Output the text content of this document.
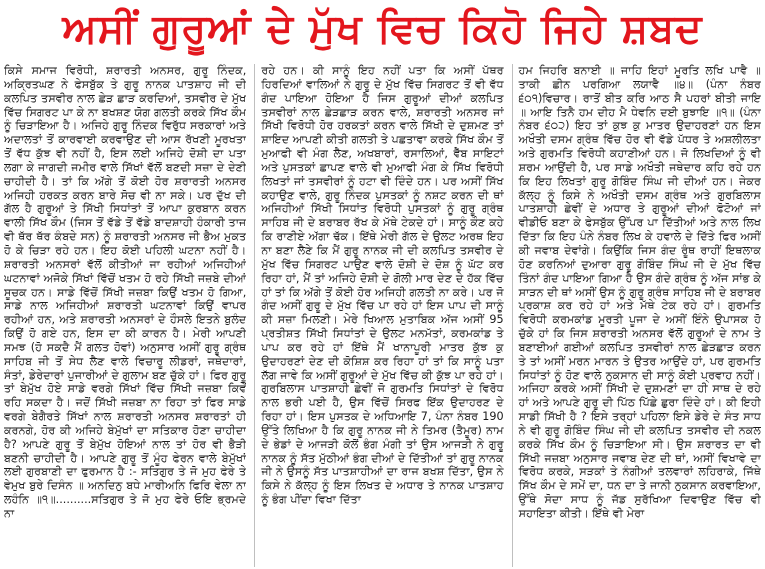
ਅਸੀਂ ਗੁਰੂਆਂ ਦੇ ਮੁੱਖ ਵਿਚ ਕਿਹੋ ਜਿਹੇ ਸ਼ਬਦ

ਕਿਸੇ ਸਮਾਜ ਵਿਰੋਧੀ, ਸ਼ਰਾਰਤੀ ਅਨਸਰ, ਗੁਰੂ ਨਿੰਦਕ, ਅਕ੍ਰਿਤਘਣ ਨੇ ਫੇਸਬੁੱਕ ਤੇ ਗੁਰੂ ਨਾਨਕ ਪਾਤਸ਼ਾਹ ਜੀ ਦੀ ਕਲਪਿਤ ਤਸਵੀਰ ਨਾਲ ਛੇੜ ਛਾੜ ਕਰਦਿਆਂ, ਤਸਵੀਰ ਦੇ ਮੁੱਖ ਵਿੱਚ ਸਿਗਰਟ ਪਾ ਕੇ ਨਾ ਬਖਸ਼ਣ ਯੋਗ ਗਲਤੀ ਕਰਕੇ ਸਿੱਖ ਕੌਮ ਨੂੰ ਚਿੜਾਇਆ ਹੈ। ਅਜਿਹੇ ਗੁਰੂ ਨਿੰਦਕ ਵਿਰੁੱਧ ਸਰਕਾਰਾਂ ਅਤੇ ਅਦਾਲਤਾਂ ਤੋਂ ਕਾਰਵਾਈ ਕਰਵਾਉਣ ਦੀ ਆਸ ਰੱਖਣੀ ਮੂਰਖਤਾ ਤੋਂ ਵੱਧ ਕੁੱਝ ਵੀ ਨਹੀਂ ਹੈ, ਇਸ ਲਈ ਅਜਿਹੇ ਦੋਸ਼ੀ ਦਾ ਪਤਾ ਲਗਾ ਕੇ ਜਾਗਦੀ ਜਮੀਰ ਵਾਲੇ ਸਿੱਖਾਂ ਵੱਲੋਂ ਬਣਦੀ ਸਜ਼ਾ ਦੇ ਦੇਣੀ ਚਾਹੀਦੀ ਹੈ। ਤਾਂ ਕਿ ਅੱਗੇ ਤੋਂ ਕੋਈ ਹੋਰ ਸ਼ਰਾਰਤੀ ਅਨਸਰ ਅਜਿਹੀ ਹਰਕਤ ਕਰਨ ਬਾਰੇ ਸੋਚ ਵੀ ਨਾ ਸਕੇ। ਪਰ ਦੁੱਖ ਦੀ ਗੱਲ ਹੈ ਗੁਰੂਆਂ ਤੇ ਸਿੱਖੀ ਸਿਧਾਂਤਾਂ ਤੋਂ ਆਪਾ ਕੁਰਬਾਨ ਕਰਨ ਵਾਲੀ ਸਿੱਖ ਕੌਮ (ਜਿਸ ਤੋਂ ਵੱਡੇ ਤੋਂ ਵੱਡੇ ਬਾਦਸ਼ਾਹੀ ਹੰਕਾਰੀ ਤਾਜ ਵੀ ਥੱਰ ਥੱਰ ਕੰਬਦੇ ਸਨ) ਨੂੰ ਸ਼ਰਾਰਤੀ ਅਨਸਰ ਜੀ ਭੈਅ ਮੁਕਤ ਹੋ ਕੇ ਚਿੜਾ ਰਹੇ ਹਨ। ਇਹ ਕੋਈ ਪਹਿਲੀ ਘਟਨਾ ਨਹੀਂ ਹੈ। ਸ਼ਰਾਰਤੀ ਅਨਸਰਾਂ ਵੱਲੋਂ ਕੀਤੀਆਂ ਜਾ ਰਹੀਆਂ ਅਜਿਹੀਆਂ ਘਟਨਾਵਾਂ ਅਜੋਕੇ ਸਿੱਖਾਂ ਵਿੱਚੋਂ ਖਤਮ ਹੋ ਰਹੇ ਸਿੱਖੀ ਜਜ਼ਬੇ ਦੀਆਂ ਸੂਚਕ ਹਨ। ਸਾਡੇ ਵਿੱਚੋਂ ਸਿੱਖੀ ਜਜ਼ਬਾ ਕਿਉਂ ਖਤਮ ਹੋ ਗਿਆ, ਸਾਡੇ ਨਾਲ ਅਜਿਹੀਆਂ ਸ਼ਰਾਰਤੀ ਘਟਨਾਵਾਂ ਕਿਉਂ ਵਾਪਰ ਰਹੀਆਂ ਹਨ, ਅਤੇ ਸ਼ਰਾਰਤੀ ਅਨਸਰਾਂ ਦੇ ਹੌਸਲੇ ਇਤਨੇ ਬੁਲੰਦ ਕਿਉਂ ਹੋ ਗਏ ਹਨ, ਇਸ ਦਾ ਕੀ ਕਾਰਨ ਹੈ। ਮੇਰੀ ਆਪਣੀ ਸਮਝ (ਹੋ ਸਕਦੈ ਮੈਂ ਗਲਤ ਹੋਵਾਂ) ਅਨੁਸਾਰ ਅਸੀਂ ਗੁਰੂ ਗ੍ਰੰਥ ਸਾਹਿਬ ਜੀ ਤੋਂ ਸੇਧ ਲੈਣ ਵਾਲੇ ਵਿਚਾਰੂ ਲੀਡਰਾਂ, ਜਥੇਦਾਰਾਂ, ਸੰਤਾਂ, ਡੇਰੇਦਾਰਾਂ ਪੁਜਾਰੀਆਂ ਦੇ ਗੁਲਾਮ ਬਣ ਚੁੱਕੇ ਹਾਂ। ਫਿਰ ਗੁਰੂ ਤਾਂ ਬੇਮੁੱਖ ਹੋਏ ਸਾਡੇ ਵਰਗੇ ਸਿੱਖਾਂ ਵਿੱਚ ਸਿੱਖੀ ਜਜ਼ਬਾ ਕਿਵੇਂ ਰਹਿ ਸਕਦਾ ਹੈ। ਜਦੋਂ ਸਿੱਖੀ ਜਜ਼ਬਾ ਨਾ ਰਿਹਾ ਤਾਂ ਫਿਰ ਸਾਡੇ ਵਰਗੇ ਬੇਗੈਰਤੇ ਸਿੱਖਾਂ ਨਾਲ ਸ਼ਰਾਰਤੀ ਅਨਸਰ ਸ਼ਰਾਰਤਾਂ ਹੀ ਕਰਨਗੇ, ਹੋਰ ਕੀ ਅਜਿਹੇ ਬੇਮੁੱਖਾਂ ਦਾ ਸਤਿਕਾਰ ਹੋਣਾ ਚਾਹੀਦਾ ਹੈ? ਆਪਣੇ ਗੁਰੂ ਤੋਂ ਬੇਮੁੱਖ ਹੋਇਆਂ ਨਾਲ ਤਾਂ ਹੋਰ ਵੀ ਭੈੜੀ ਬਣਨੀ ਚਾਹੀਦੀ ਹੈ। ਆਪਣੇ ਗੁਰੂ ਤੋਂ ਮੂੰਹ ਫੇਰਨ ਵਾਲੇ ਬੇਮੁੱਖਾਂ ਲਈ ਗੁਰਬਾਣੀ ਦਾ ਫੁਰਮਾਨ ਹੈ :- ਸਤਿਗੁਰ ਤੇ ਜੋ ਮੁਹ ਫੇਰੇ ਤੇ ਵੇਮੁਖ ਬੁਰੇ ਦਿਸੰਨ ॥ ਅਨਦਿਨੁ ਬਧੇ ਮਾਰੀਅਨਿ ਫਿਰਿ ਵੇਲਾ ਨਾ ਲਹੰਨਿ ॥੧॥..........ਸਤਿਗੁਰ ਤੇ ਜੋ ਮੁਹ ਫੇਰੇ ਓਇ ਭ੍ਰਮਦੇ ਨਾ

ਰਹੇ ਹਨ। ਕੀ ਸਾਨੂੰ ਇਹ ਨਹੀਂ ਪਤਾ ਕਿ ਅਸੀਂ ਪੱਥਰ ਹਿਰਦਿਆਂ ਵਾਲਿਆਂ ਨੇ ਗੁਰੂ ਦੇ ਮੁੱਖ ਵਿੱਚ ਸਿਗਰਟ ਤੋਂ ਵੀ ਵੱਧ ਗੰਦ ਪਾਇਆ ਹੋਇਆ ਹੈ ਜਿਸ ਗੁਰੂਆਂ ਦੀਆਂ ਕਲਪਿਤ ਤਸਵੀਰਾਂ ਨਾਲ ਛੇੜਛਾੜ ਕਰਨ ਵਾਲੇ, ਸ਼ਰਾਰਤੀ ਅਨਸਰ ਜਾਂ ਸਿੱਖੀ ਵਿਰੋਧੀ ਹੋਰ ਹਰਕਤਾਂ ਕਰਨ ਵਾਲੇ ਸਿੱਖੀ ਦੇ ਦੁਸ਼ਮਣ ਤਾਂ ਸ਼ਾਇਦ ਆਪਣੀ ਕੀਤੀ ਗਲਤੀ ਤੇ ਪਛਤਾਵਾ ਕਰਕੇ ਸਿੱਖ ਕੌਮ ਤੋਂ ਮੁਆਫੀ ਵੀ ਮੰਗ ਲੈਣ, ਅਖਬਾਰਾਂ, ਰਸਾਲਿਆਂ, ਵੈੱਬ ਸਾਇਟਾਂ ਅਤੇ ਪੁਸਤਕਾਂ ਛਾਪਣ ਵਾਲੇ ਵੀ ਮੁਆਫੀ ਮੰਗ ਕੇ ਸਿੱਖ ਵਿਰੋਧੀ ਲਿਖਤਾਂ ਜਾਂ ਤਸਵੀਰਾਂ ਨੂੰ ਹਟਾ ਵੀ ਦਿੰਦੇ ਹਨ। ਪਰ ਅਸੀਂ ਸਿੱਖ ਕਹਾਉਣ ਵਾਲੇ, ਗੁਰੂ ਨਿੰਦਕ ਪੁਸਤਕਾਂ ਨੂੰ ਨਸ਼ਟ ਕਰਨ ਦੀ ਥਾਂ ਅਜਿਹੀਆਂ ਸਿੱਖੀ ਸਿਧਾਂਤ ਵਿਰੋਧੀ ਪੁਸਤਕਾਂ ਨੂੰ ਗੁਰੂ ਗ੍ਰੰਥ ਸਾਹਿਬ ਜੀ ਦੇ ਬਰਾਬਰ ਰੱਖ ਕੇ ਮੱਥੇ ਟੇਕਦੇ ਹਾਂ। ਸਾਨੂੰ ਕੌਣ ਕਹੇ ਕਿ ਰਾਣੀਏ ਅੱਗਾ ਢੱਕ। ਇੱਥੇ ਮੇਰੀ ਗੱਲ ਦੇ ਉਲਟ ਅਰਥ ਇਹ ਨਾ ਬਣਾ ਲੈਣੇ ਕਿ ਮੈਂ ਗੁਰੂ ਨਾਨਕ ਜੀ ਦੀ ਕਲਪਿਤ ਤਸਵੀਰ ਦੇ ਮੁੱਖ ਵਿੱਚ ਸਿਗਰਟ ਪਾਉਣ ਵਾਲੇ ਦੋਸ਼ੀ ਦੇ ਦੋਸ਼ ਨੂੰ ਘੱਟ ਕਰ ਰਿਹਾ ਹਾਂ, ਮੈਂ ਤਾਂ ਅਜਿਹੇ ਦੋਸ਼ੀ ਦੇ ਗੋਲੀ ਮਾਰ ਦੇਣ ਦੇ ਹੱਕ ਵਿੱਚ ਹਾਂ ਤਾਂ ਕਿ ਅੱਗੇ ਤੋਂ ਕੋਈ ਹੋਰ ਅਜਿਹੀ ਗਲਤੀ ਨਾ ਕਰੇ। ਪਰ ਜੋ ਗੰਦ ਅਸੀਂ ਗੁਰੂ ਦੇ ਮੁੱਖ ਵਿੱਚ ਪਾ ਰਹੇ ਹਾਂ ਇਸ ਪਾਪ ਦੀ ਸਾਨੂੰ ਕੀ ਸਜ਼ਾ ਮਿਲਣੀ। ਮੇਰੇ ਖਿਆਲ ਮੁਤਾਬਿਕ ਅੱਜ ਅਸੀਂ 95 ਪ੍ਰਤੀਸ਼ਤ ਸਿੱਖੀ ਸਿਧਾਂਤਾਂ ਦੇ ਉਲਟ ਮਨਮੱਤਾਂ, ਕਰਮਕਾਂਡ ਤੇ ਪਾਪ ਕਰ ਰਹੇ ਹਾਂ ਇੱਥੇ ਮੈਂ ਖਾਨਾਪੂਰੀ ਮਾਤਰ ਕੁੱਝ ਕੁ ਉਦਾਹਰਣਾਂ ਦੇਣ ਦੀ ਕੋਸ਼ਿਸ਼ ਕਰ ਰਿਹਾ ਹਾਂ ਤਾਂ ਕਿ ਸਾਨੂੰ ਪਤਾ ਲੱਗ ਜਾਵੇ ਕਿ ਅਸੀਂ ਗੁਰੂਆਂ ਦੇ ਮੁੱਖ ਵਿੱਚ ਕੀ ਕੁੱਝ ਪਾ ਰਹੇ ਹਾਂ। ਗੁਰਬਿਲਾਸ ਪਾਤਸ਼ਾਹੀ ਛੇਵੀਂ ਜੋ ਗੁਰਮਤਿ ਸਿਧਾਂਤਾਂ ਦੇ ਵਿਰੋਧ ਨਾਲ ਭਰੀ ਪਈ ਹੈ, ਉਸ ਵਿੱਚੋਂ ਸਿਰਫ ਇੱਕ ਉਦਾਹਰਣ ਦੇ ਰਿਹਾ ਹਾਂ। ਇਸ ਪੁਸਤਕ ਦੇ ਅਧਿਆਇ 7, ਪੰਨਾ ਨੰਬਰ 190 ਉੱਤੇ ਲਿਖਿਆ ਹੈ ਕਿ ਗੁਰੂ ਨਾਨਕ ਜੀ ਨੇ ਤਿਮਰ (ਤੈਮੂਰ) ਨਾਮ ਦੇ ਭੇਡਾਂ ਦੇ ਆਜੜੀ ਕੋਲੋਂ ਭੰਗ ਮੰਗੀ ਤਾਂ ਉਸ ਆਜੜੀ ਨੇ ਗੁਰੂ ਨਾਨਕ ਨੂੰ ਸੱਤ ਮੁੱਠੀਆਂ ਭੰਗ ਦੀਆਂ ਦੇ ਦਿੱਤੀਆਂ ਤਾਂ ਗੁਰੂ ਨਾਨਕ ਜੀ ਨੇ ਉਸਨੂੰ ਸੱਤ ਪਾਤਸ਼ਾਹੀਆਂ ਦਾ ਰਾਜ ਬਖਸ਼ ਦਿੱਤਾ, ਉਸ ਨੇ ਕਿਸੇ ਨੇ ਕੱਲ੍ਹ ਨੂੰ ਇਸ ਲਿਖਤ ਦੇ ਅਧਾਰ ਤੇ ਨਾਨਕ ਪਾਤਸ਼ਾਹ ਨੂੰ ਭੰਗ ਪੀਂਦਾ ਵਿਖਾ ਦਿੱਤਾ

ਹਮ ਜਿਹਰਿ ਬਨਾਈ ॥ ਜਾਹਿ ਇਹਾਂ ਮੂਰਤਿ ਲਖਿ ਪਾਵੈ ॥ ਤਾਕੀ ਛੀਨ ਪਰਗਿਆ ਲਯਾਵੈ ॥੪॥ (ਪੰਨਾ ਨੰਬਰ ੬੦੧)ਵਿਚਾਰ। ਰਾਤੋਂ ਬੀਤ ਕਰਿ ਆਠ ਸੈ ਪਹਰਾਂ ਬੀਤੀ ਜਾਇ ॥ ਆਇ ਤਿਨੈ ਹਮ ਦੀਹ ਮੈ ਧੇਵਨਿ ਦਈ ਬੁਝਾਇ ॥੧॥ (ਪੰਨਾ ਨੰਬਰ ੬੦੨) ਇਹ ਤਾਂ ਕੁਝ ਕੁ ਮਾਤਰ ਉਦਾਹਰਣਾਂ ਹਨ ਇਸ ਅਖੌਤੀ ਦਸਮ ਗ੍ਰੰਥ ਵਿੱਚ ਹੋਰ ਵੀ ਵੱਡੇ ਪੱਧਰ ਤੇ ਅਸ਼ਲੀਲਤਾ ਅਤੇ ਗੁਰਮਤਿ ਵਿਰੋਧੀ ਕਹਾਣੀਆਂ ਹਨ। ਜੋ ਲਿਖਦਿਆਂ ਨੂੰ ਵੀ ਸ਼ਰਮ ਆਉਂਦੀ ਹੈ, ਪਰ ਸਾਡੇ ਅਖੌਤੀ ਜਥੇਦਾਰ ਕਹਿ ਰਹੇ ਹਨ ਕਿ ਇਹ ਲਿਖਤਾਂ ਗੁਰੂ ਗੋਬਿੰਦ ਸਿੰਘ ਜੀ ਦੀਆਂ ਹਨ। ਜੇਕਰ ਕੱਲ੍ਹ ਨੂੰ ਕਿਸੇ ਨੇ ਅਖੌਤੀ ਦਸਮ ਗ੍ਰੰਥ ਅਤੇ ਗੁਰਬਿਲਾਸ ਪਾਤਸ਼ਾਹੀ ਛੇਵੀਂ ਦੇ ਅਧਾਰ ਤੇ ਗੁਰੂਆਂ ਦੀਆਂ ਫੋਟੋਆਂ ਜਾਂ ਵੀਡੀਓ ਬਣਾ ਕੇ ਫੇਸਬੁੱਕ ਉੱਪਰ ਪਾ ਦਿੱਤੀਆਂ ਅਤੇ ਨਾਲ ਲਿਖ ਦਿੱਤਾ ਕਿ ਇਹ ਪੰਨੇ ਨੰਬਰ ਲਿਖ ਕੇ ਹਵਾਲੇ ਦੇ ਦਿੱਤੇ ਫਿਰ ਅਸੀਂ ਕੀ ਜਵਾਬ ਦੇਵਾਂਗੇ। ਕਿਉਂਕਿ ਜਿਸ ਗੰਦ ਰੂੰਥ ਰਾਹੀਂ ਇਥਲਾਕ ਹੋਣ ਕਰਨਿਆਂ ਦੁਆਰਾ ਗੁਰੂ ਗੋਬਿੰਦ ਸਿੰਘ ਜੀ ਦੇ ਮੁੱਖ ਵਿੱਚ ਤਿੰਨਾਂ ਗੰਦ ਪਾਇਆ ਗਿਆ ਹੈ ਉਸ ਗੰਦੇ ਗ੍ਰੰਥ ਨੂੰ ਅੱਜ ਸਾਂਭ ਕੇ ਸਾੜਨ ਦੀ ਥਾਂ ਅਸੀਂ ਉਸ ਨੂੰ ਗੁਰੂ ਗ੍ਰੰਥ ਸਾਹਿਬ ਜੀ ਦੇ ਬਰਾਬਰ ਪ੍ਰਕਾਸ਼ ਕਰ ਰਹੇ ਹਾਂ ਅਤੇ ਮੱਥੇ ਟੇਕ ਰਹੇ ਹਾਂ। ਗੁਰਮਤਿ ਵਿਰੋਧੀ ਕਰਮਕਾਂਡ ਮੂਰਤੀ ਪੂਜਾ ਦੇ ਅਸੀਂ ਇੰਨੇ ਉਪਾਸਕ ਹੋ ਚੁੱਕੇ ਹਾਂ ਕਿ ਜਿਸ ਸ਼ਰਾਰਤੀ ਅਨਸਰ ਵੱਲੋਂ ਗੁਰੂਆਂ ਦੇ ਨਾਮ ਤੇ ਬਣਾਈਆਂ ਗਈਆਂ ਕਲਪਿਤ ਤਸਵੀਰਾਂ ਨਾਲ ਛੇੜਛਾੜ ਕਰਨ ਤੇ ਤਾਂ ਅਸੀਂ ਮਰਨ ਮਾਰਨ ਤੇ ਉਤਰ ਆਉਂਦੇ ਹਾਂ, ਪਰ ਗੁਰਮਤਿ ਸਿਧਾਂਤਾਂ ਨੂੰ ਹੋਣ ਵਾਲੇ ਨੁਕਸਾਨ ਦੀ ਸਾਨੂੰ ਕੋਈ ਪ੍ਰਵਾਹ ਨਹੀਂ। ਅਜਿਹਾ ਕਰਕੇ ਅਸੀਂ ਸਿੱਖੀ ਦੇ ਦੁਸ਼ਮਣਾਂ ਦਾ ਹੀ ਸਾਥ ਦੇ ਰਹੇ ਹਾਂ ਅਤੇ ਆਪਣੇ ਗੁਰੂ ਦੀ ਪਿੱਠ ਪਿੱਛੇ ਛੁਰਾ ਦਿੰਦੇ ਹਾਂ। ਕੀ ਇਹੀ ਸਾਡੀ ਸਿੱਖੀ ਹੈ ? ਇਸੇ ਤਰ੍ਹਾਂ ਪਹਿਲਾ ਇਸੇ ਡੇਰੇ ਦੇ ਸੰਤ ਸਾਧ ਨੇ ਵੀ ਗੁਰੂ ਗੋਬਿੰਦ ਸਿੰਘ ਜੀ ਦੀ ਕਲਪਿਤ ਤਸਵੀਰ ਦੀ ਨਕਲ ਕਰਕੇ ਸਿੱਖ ਕੌਮ ਨੂੰ ਚਿੜਾਇਆ ਸੀ। ਉਸ ਸ਼ਰਾਰਤ ਦਾ ਵੀ ਸਿੱਖੀ ਜਜ਼ਬਾ ਅਨੁਸਾਰ ਜਵਾਬ ਦੇਣ ਦੀ ਥਾਂ, ਅਸੀਂ ਵਿਖਾਵੇ ਦਾ ਵਿਰੋਧ ਕਰਕੇ, ਸੜਕਾਂ ਤੇ ਨੰਗੀਆਂ ਤਲਵਾਰਾਂ ਲਹਿਰਾਕੇ, ਜਿੱਥੇ ਸਿੱਖ ਕੌਮ ਦੇ ਸਮੇਂ ਦਾ, ਧਨ ਦਾ ਤੇ ਜਾਨੀ ਨੁਕਸਾਨ ਕਰਵਾਇਆ, ਉੱਥੇ ਸੋਦਾ ਸਾਧ ਨੂੰ ਜੱਡ ਸੁਰੱਖਿਆ ਦਿਵਾਉਣ ਵਿੱਚ ਵੀ ਸਹਾਇਤਾ ਕੀਤੀ। ਇੱਥੇ ਵੀ ਮੇਰਾ
